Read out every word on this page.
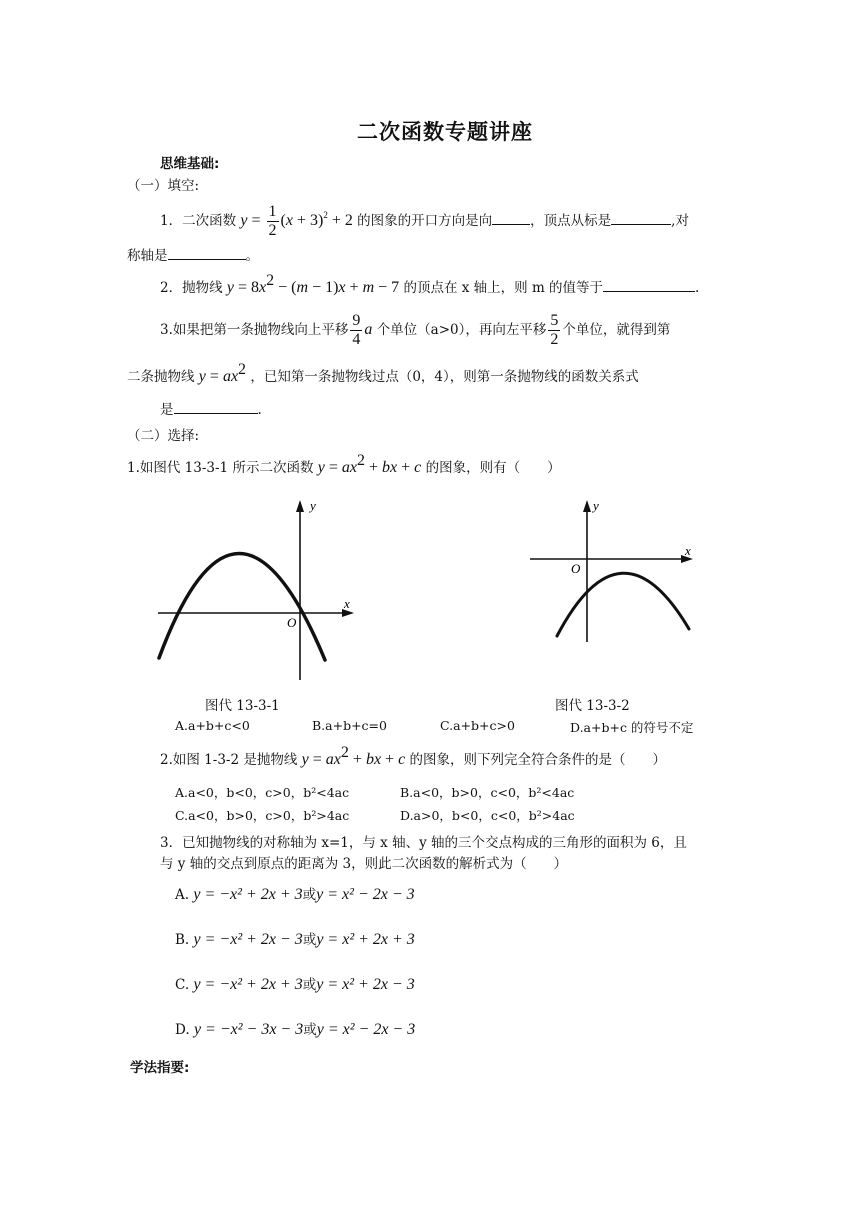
二次函数专题讲座
思维基础:
（一）填空:
1．二次函数 $y = \frac{1}{2} (x + 3)^2 + 2$ 的图象的开口方向是向	，顶点从标是	,对
称轴是	。
2．抛物线 $y = 8x^2 - (m - 1)x + m - 7$ 的顶点在 x 轴上，则 m 的值等于	.
3.如果把第一条抛物线向上平移 $\frac{9}{4}$ a 个单位（a>0），再向左平移 $\frac{5}{2}$ 个单位，就得到第
二条抛物线 $y = ax^2$ ，已知第一条抛物线过点（0，4），则第一条抛物线的函数关系式
是	.
（二）选择:
1.如图代 13-3-1 所示二次函数 $y = ax^2$ + bx + c 的图象，则有（　　）
x
y
O
x
y
O
图代 13-3-1	图代 13-3-2
A.a+b+c<0	B.a+b+c=0	C.a+b+c>0	D.a+b+c 的符号不定
2.如图 1-3-2 是抛物线 $y = ax^2$ + bx + c 的图象，则下列完全符合条件的是（　　）
A.a<0，b<0，c>0，b²<4ac	B.a<0，b>0，c<0，b²<4ac
C.a<0，b>0，c>0，b²>4ac	D.a>0，b<0，c<0，b²>4ac
3．已知抛物线的对称轴为 x=1，与 x 轴、y 轴的三个交点构成的三角形的面积为 6，且
与 y 轴的交点到原点的距离为 3，则此二次函数的解析式为（　　）
A. y = −x² + 2x + 3或y = x² − 2x − 3
B. y = −x² + 2x − 3或y = x² + 2x + 3
C. y = −x² + 2x + 3或y = x² + 2x − 3
D. y = −x² − 3x − 3或y = x² − 2x − 3
学法指要:
